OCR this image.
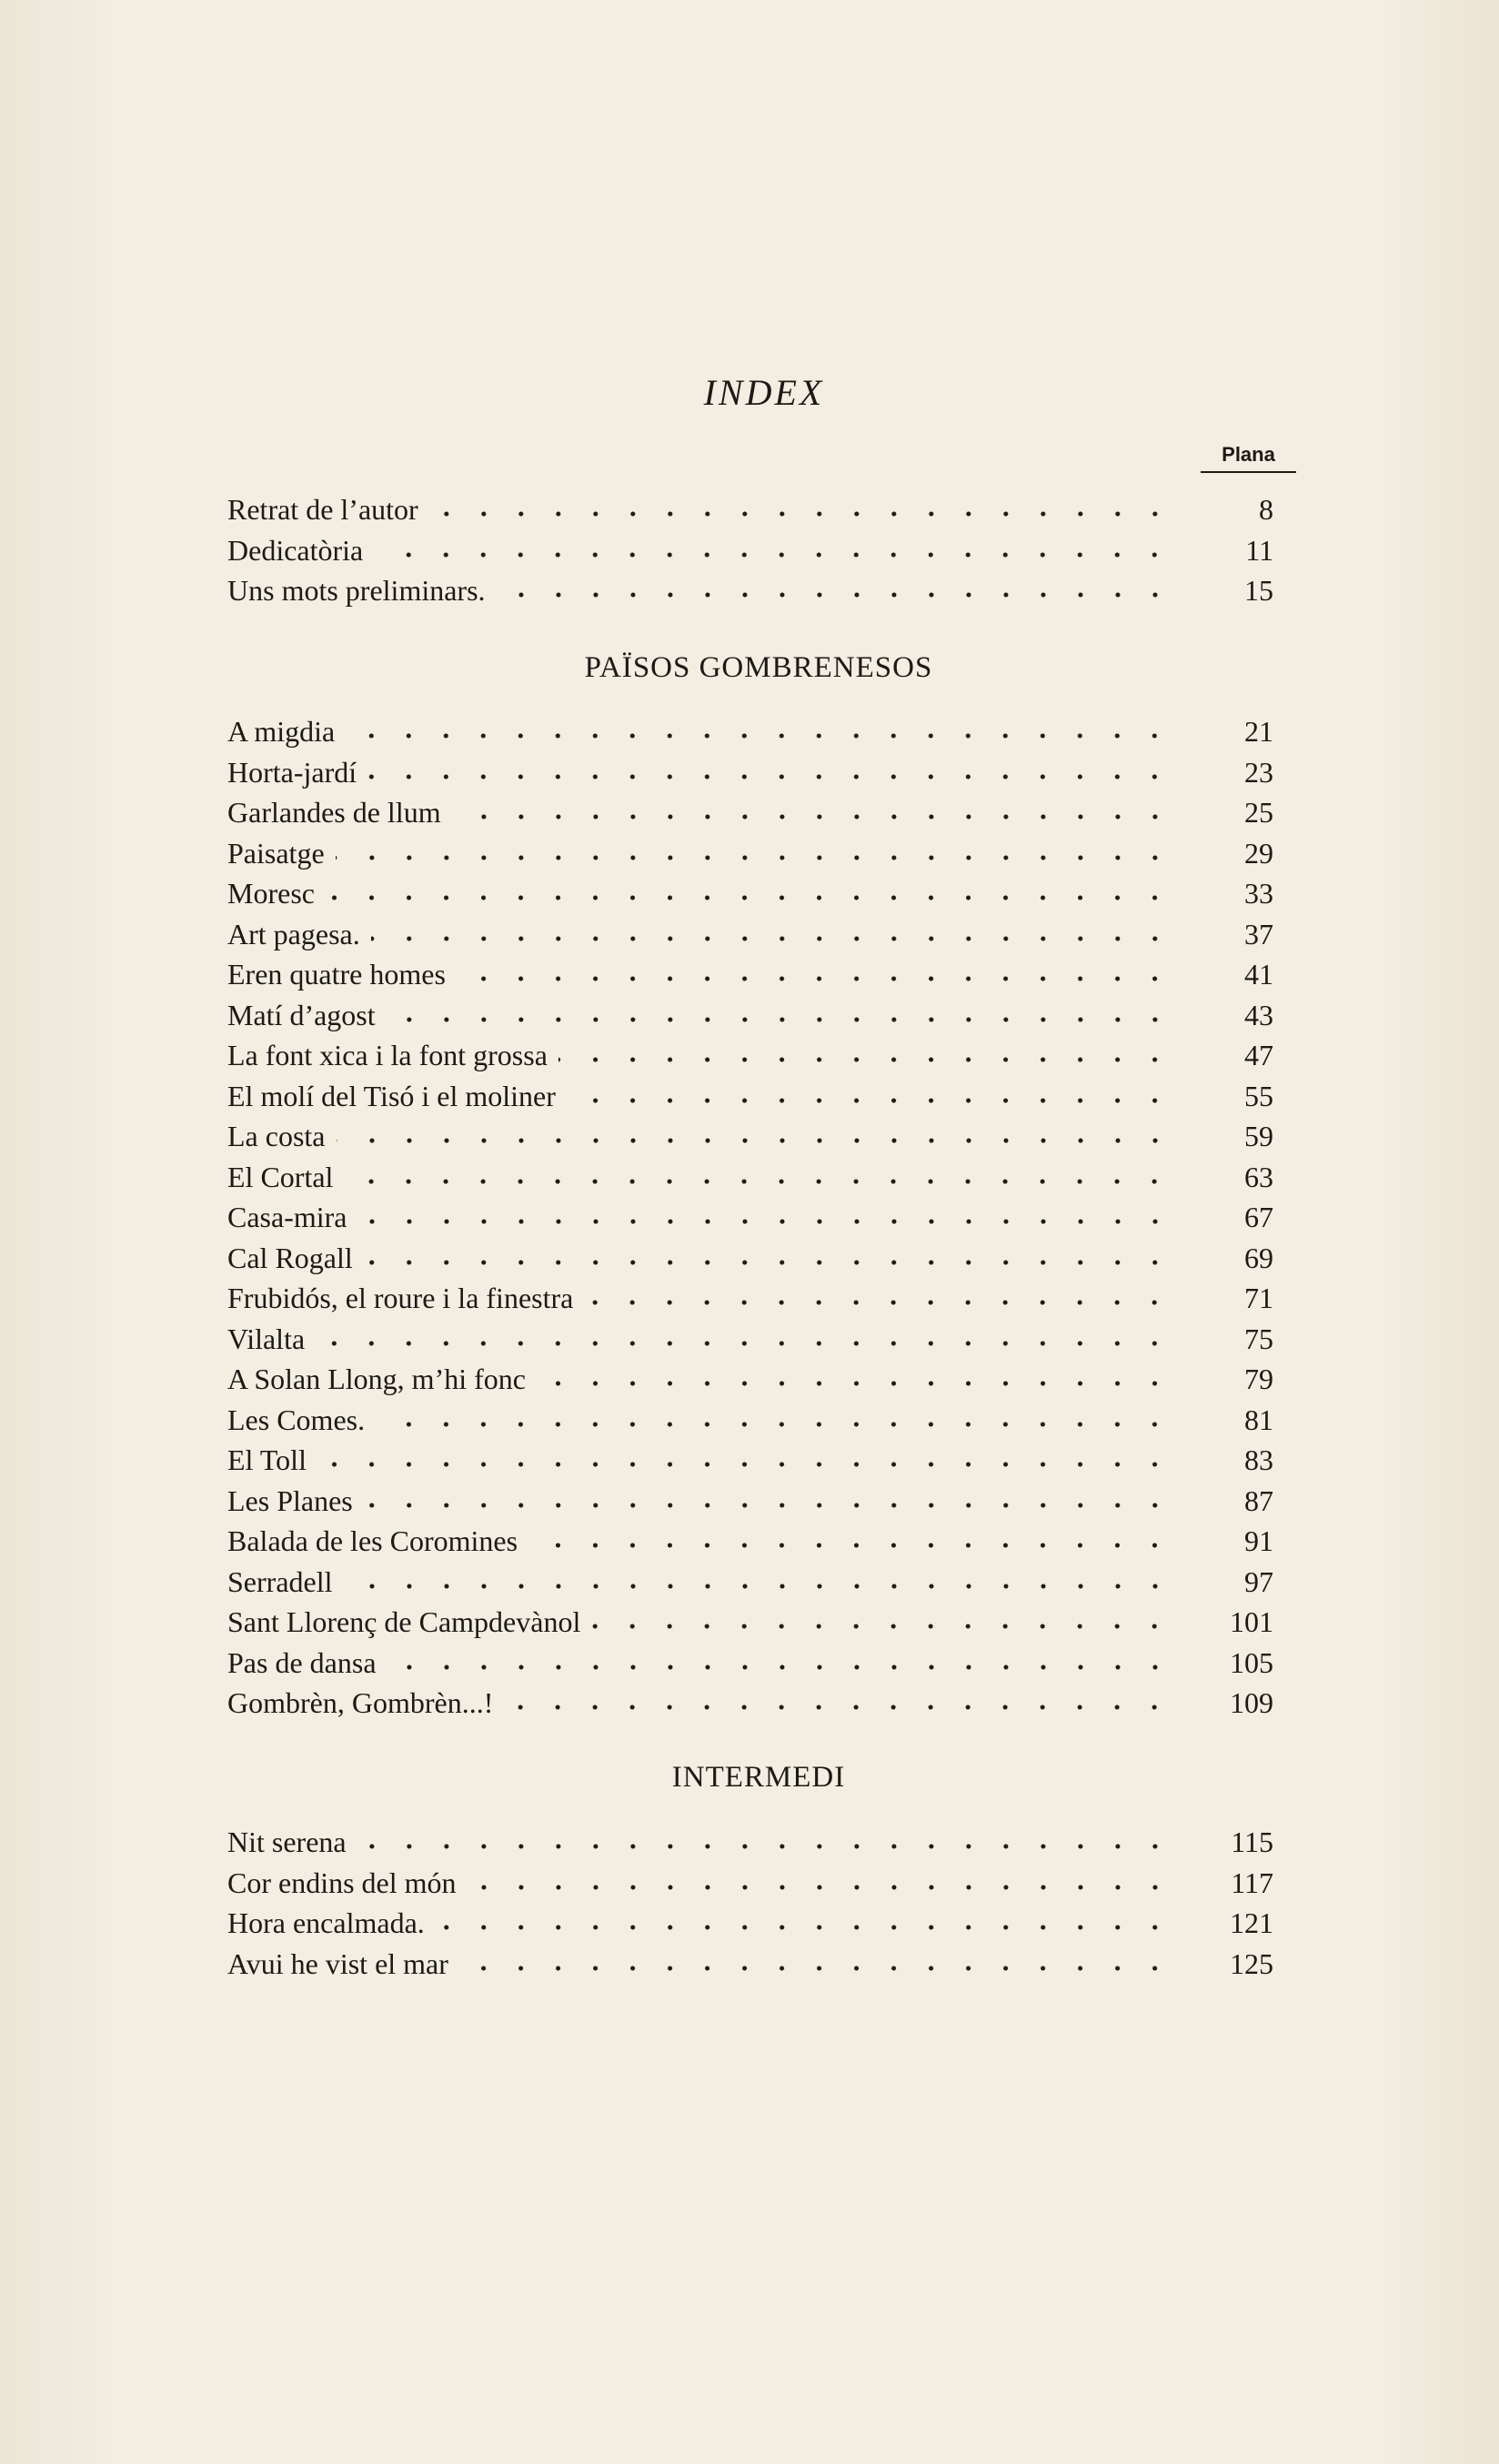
INDEX
Plana
Retrat de l’autor	8
Dedicatòria	11
Uns mots preliminars.	15
PAÏSOS GOMBRENESOS
A migdia	21
Horta-jardí	23
Garlandes de llum	25
Paisatge	29
Moresc	33
Art pagesa.	37
Eren quatre homes	41
Matí d’agost	43
La font xica i la font grossa	47
El molí del Tisó i el moliner	55
La costa	59
El Cortal	63
Casa-mira	67
Cal Rogall	69
Frubidós, el roure i la finestra	71
Vilalta	75
A Solan Llong, m’hi fonc	79
Les Comes.	81
El Toll	83
Les Planes	87
Balada de les Coromines	91
Serradell	97
Sant Llorenç de Campdevànol	101
Pas de dansa	105
Gombrèn, Gombrèn...!	109
INTERMEDI
Nit serena	115
Cor endins del món	117
Hora encalmada.	121
Avui he vist el mar	125
